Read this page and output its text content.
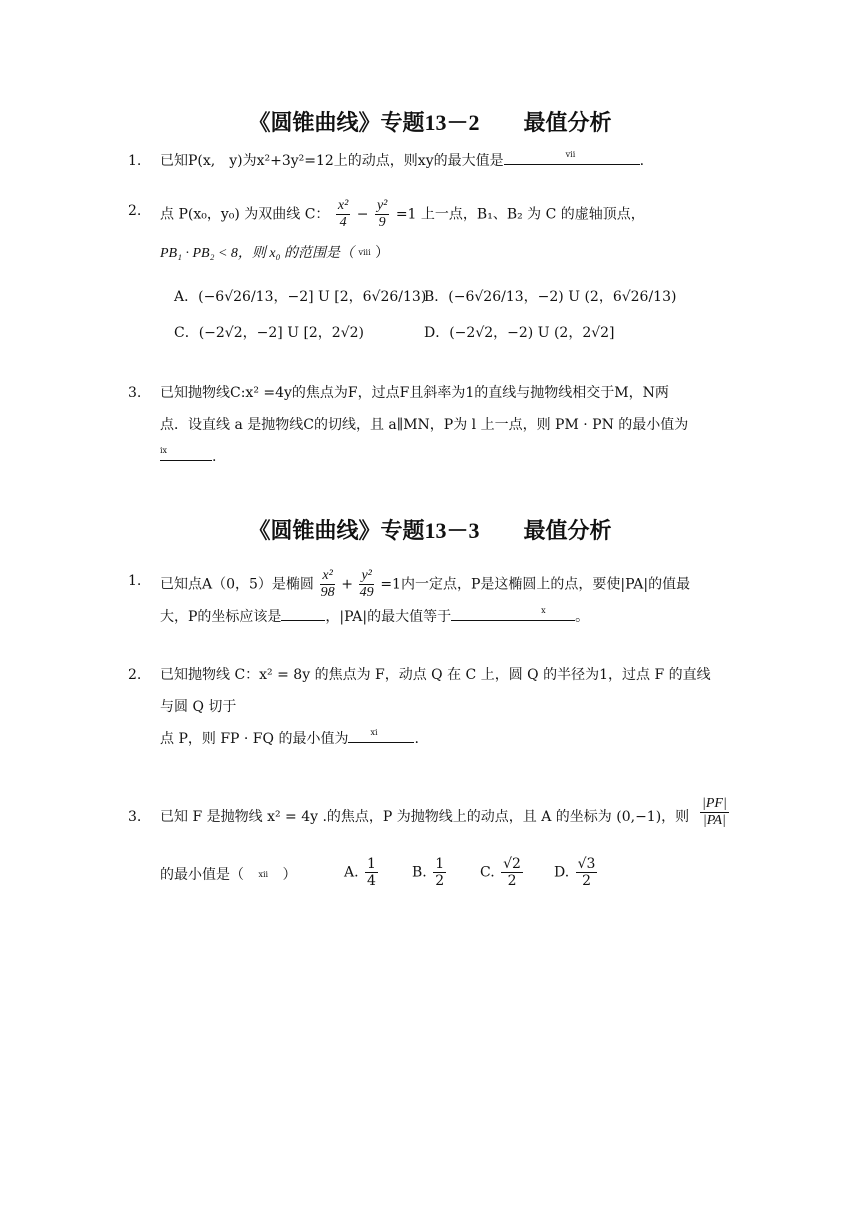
《圆锥曲线》专题13－2　　最值分析
1. 已知P(x,　y)为x²+3y²=12上的动点，则xy的最大值是	vii	.
2. 点 P(x₀，y₀) 为双曲线 C： $\frac{\text{x²}}{4} - \frac{\text{y²}}{9} =1$ 上一点，B₁、B₂ 为 C 的虚轴顶点，
PB₁ · PB₂ < 8，则 x₀ 的范围是（ $^{viii}$ ）
A．(−6√26/13，−2] U [2，6√26/13)
B．(−6√26/13，−2) U (2，6√26/13)
C．(−2√2，−2] U [2，2√2)	D．(−2√2，−2) U (2，2√2]
3. 已知抛物线C:x² =4y的焦点为F，过点F且斜率为1的直线与抛物线相交于M，N两
点．设直线 a 是抛物线C的切线，且 a∥MN，P为 l 上一点，则 PM · PN 的最小值为
ix	.
《圆锥曲线》专题13－3　　最值分析
1. 已知点A（0，5）是椭圆 $\frac{\text{x²}}{98} + \frac{\text{y²}}{49} =1$内一定点，P是这椭圆上的点，要使|PA|的值最
大，P的坐标应该是	，|PA|的最大值等于	x 。
2. 已知抛物线 C：x² = 8y 的焦点为 F，动点 Q 在 C 上，圆 Q 的半径为1，过点 F 的直线
与圆 Q 切于
点 P，则 FP · FQ 的最小值为	xi	.
3. 已知 F 是抛物线 x² = 4y .的焦点，P 为抛物线上的动点，且 A 的坐标为 (0,−1)，则 $\frac{|PF|}{|PA|}$
的最小值是（ $^{xii}$ ）	A. $\frac{1}{4} B$. $\frac{1}{2} C$. $\frac{√2}{2} D$. $\frac{√3}{2}$
